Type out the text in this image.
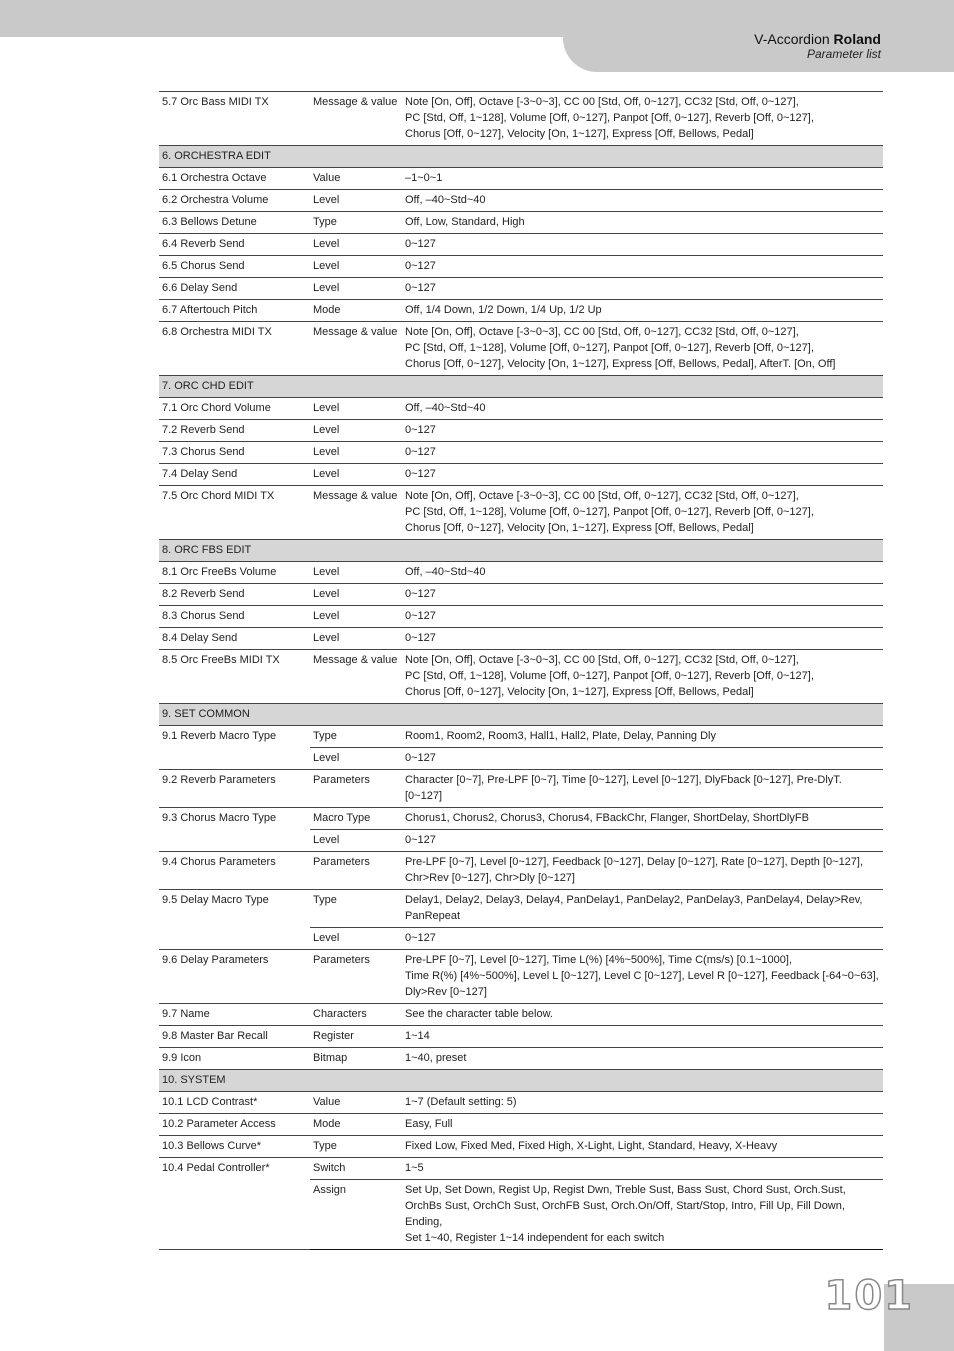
V-Accordion Roland
Parameter list
5.7 Orc Bass MIDI TX	Message & value	Note [On, Off], Octave [-3~0~3], CC 00 [Std, Off, 0~127], CC32 [Std, Off, 0~127],
PC [Std, Off, 1~128], Volume [Off, 0~127], Panpot [Off, 0~127], Reverb [Off, 0~127],
Chorus [Off, 0~127], Velocity [On, 1~127], Express [Off, Bellows, Pedal]

6. ORCHESTRA EDIT		
6.1 Orchestra Octave	Value	–1~0~1

6.2 Orchestra Volume	Level	Off, –40~Std~40

6.3 Bellows Detune	Type	Off, Low, Standard, High

6.4 Reverb Send	Level	0~127

6.5 Chorus Send	Level	0~127

6.6 Delay Send	Level	0~127

6.7 Aftertouch Pitch	Mode	Off, 1/4 Down, 1/2 Down, 1/4 Up, 1/2 Up

6.8 Orchestra MIDI TX	Message & value	Note [On, Off], Octave [-3~0~3], CC 00 [Std, Off, 0~127], CC32 [Std, Off, 0~127],
PC [Std, Off, 1~128], Volume [Off, 0~127], Panpot [Off, 0~127], Reverb [Off, 0~127],
Chorus [Off, 0~127], Velocity [On, 1~127], Express [Off, Bellows, Pedal], AfterT. [On, Off]

7. ORC CHD EDIT		
7.1 Orc Chord Volume	Level	Off, –40~Std~40

7.2 Reverb Send	Level	0~127

7.3 Chorus Send	Level	0~127

7.4 Delay Send	Level	0~127

7.5 Orc Chord MIDI TX	Message & value	Note [On, Off], Octave [-3~0~3], CC 00 [Std, Off, 0~127], CC32 [Std, Off, 0~127],
PC [Std, Off, 1~128], Volume [Off, 0~127], Panpot [Off, 0~127], Reverb [Off, 0~127],
Chorus [Off, 0~127], Velocity [On, 1~127], Express [Off, Bellows, Pedal]

8. ORC FBS EDIT		
8.1 Orc FreeBs Volume	Level	Off, –40~Std~40

8.2 Reverb Send	Level	0~127

8.3 Chorus Send	Level	0~127

8.4 Delay Send	Level	0~127

8.5 Orc FreeBs MIDI TX	Message & value	Note [On, Off], Octave [-3~0~3], CC 00 [Std, Off, 0~127], CC32 [Std, Off, 0~127],
PC [Std, Off, 1~128], Volume [Off, 0~127], Panpot [Off, 0~127], Reverb [Off, 0~127],
Chorus [Off, 0~127], Velocity [On, 1~127], Express [Off, Bellows, Pedal]

9. SET COMMON		
9.1 Reverb Macro Type	Type	Room1, Room2, Room3, Hall1, Hall2, Plate, Delay, Panning Dly

	Level	0~127

9.2 Reverb Parameters	Parameters	Character [0~7], Pre-LPF [0~7], Time [0~127], Level [0~127], DlyFback [0~127], Pre-DlyT. [0~127]

9.3 Chorus Macro Type	Macro Type	Chorus1, Chorus2, Chorus3, Chorus4, FBackChr, Flanger, ShortDelay, ShortDlyFB

	Level	0~127

9.4 Chorus Parameters	Parameters	Pre-LPF [0~7], Level [0~127], Feedback [0~127], Delay [0~127], Rate [0~127], Depth [0~127],
Chr>Rev [0~127], Chr>Dly [0~127]

9.5 Delay Macro Type	Type	Delay1, Delay2, Delay3, Delay4, PanDelay1, PanDelay2, PanDelay3, PanDelay4, Delay>Rev,
PanRepeat

	Level	0~127

9.6 Delay Parameters	Parameters	Pre-LPF [0~7], Level [0~127], Time L(%) [4%~500%], Time C(ms/s) [0.1~1000],
Time R(%) [4%~500%], Level L [0~127], Level C [0~127], Level R [0~127], Feedback [-64~0~63],
Dly>Rev [0~127]

9.7 Name	Characters	See the character table below.

9.8 Master Bar Recall	Register	1~14

9.9 Icon	Bitmap	1~40, preset

10. SYSTEM		
10.1 LCD Contrast*	Value	1~7 (Default setting: 5)

10.2 Parameter Access	Mode	Easy, Full

10.3 Bellows Curve*	Type	Fixed Low, Fixed Med, Fixed High, X-Light, Light, Standard, Heavy, X-Heavy

10.4 Pedal Controller*	Switch	1~5

	Assign	Set Up, Set Down, Regist Up, Regist Dwn, Treble Sust, Bass Sust, Chord Sust, Orch.Sust,
OrchBs Sust, OrchCh Sust, OrchFB Sust, Orch.On/Off, Start/Stop, Intro, Fill Up, Fill Down, Ending,
Set 1~40, Register 1~14 independent for each switch
101
